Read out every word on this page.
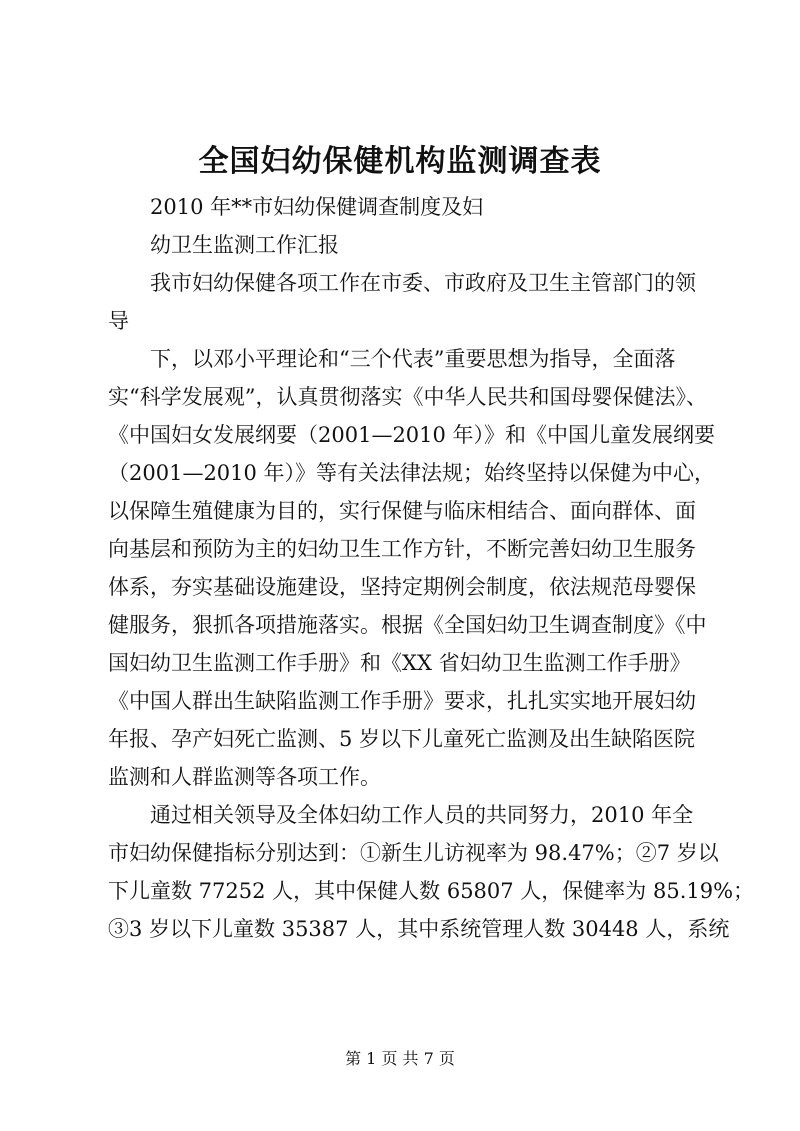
全国妇幼保健机构监测调查表

2010 年**市妇幼保健调查制度及妇

幼卫生监测工作汇报

我市妇幼保健各项工作在市委、市政府及卫生主管部门的领

导

下，以邓小平理论和“三个代表”重要思想为指导，全面落

实“科学发展观”，认真贯彻落实《中华人民共和国母婴保健法》、

《中国妇女发展纲要（2001—2010 年）》和《中国儿童发展纲要

（2001—2010 年）》等有关法律法规；始终坚持以保健为中心，

以保障生殖健康为目的，实行保健与临床相结合、面向群体、面

向基层和预防为主的妇幼卫生工作方针，不断完善妇幼卫生服务

体系，夯实基础设施建设，坚持定期例会制度，依法规范母婴保

健服务，狠抓各项措施落实。根据《全国妇幼卫生调查制度》《中

国妇幼卫生监测工作手册》和《XX 省妇幼卫生监测工作手册》

《中国人群出生缺陷监测工作手册》要求，扎扎实实地开展妇幼

年报、孕产妇死亡监测、5 岁以下儿童死亡监测及出生缺陷医院

监测和人群监测等各项工作。

通过相关领导及全体妇幼工作人员的共同努力，2010 年全

市妇幼保健指标分别达到：①新生儿访视率为 98.47%；②7 岁以

下儿童数 77252 人，其中保健人数 65807 人，保健率为 85.19%；

③3 岁以下儿童数 35387 人，其中系统管理人数 30448 人，系统

第 1 页 共 7 页
